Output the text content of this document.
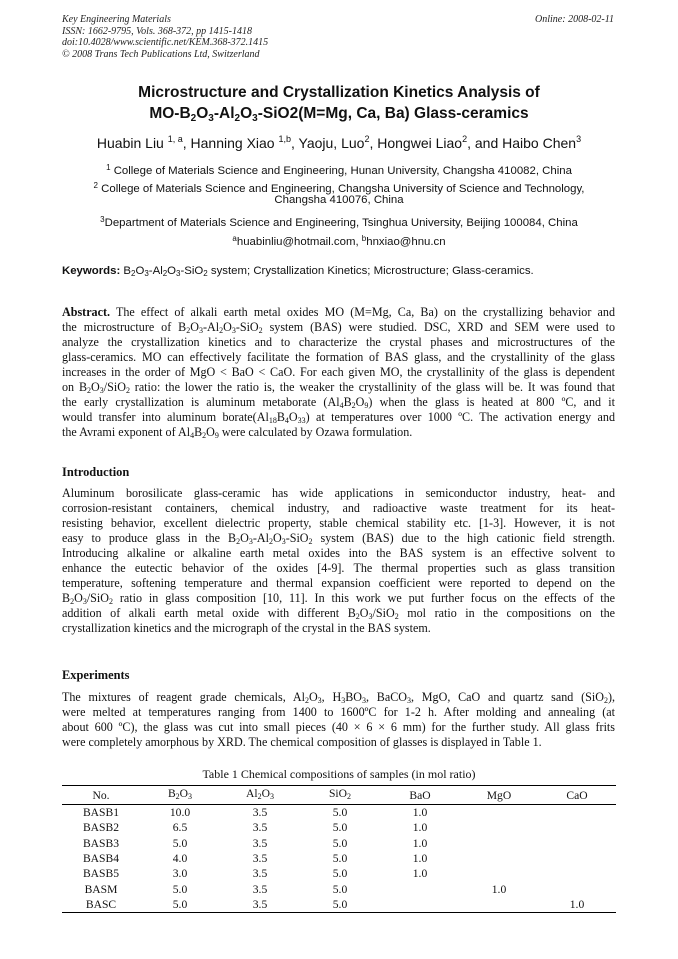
Key Engineering Materials
ISSN: 1662-9795, Vols. 368-372, pp 1415-1418
doi:10.4028/www.scientific.net/KEM.368-372.1415
© 2008 Trans Tech Publications Ltd, Switzerland
Online: 2008-02-11
Microstructure and Crystallization Kinetics Analysis of
$MO-B_2O_3-Al_2O_3-SiO2(M=Mg$, Ca, Ba) Glass-ceramics
Huabin Liu $^{1, a}$, Hanning Xiao $^{1,b}$, Yaoju, Luo$^2$, Hongwei Liao$^2$, and Haibo Chen$^3$
$^1$ College of Materials Science and Engineering, Hunan University, Changsha 410082, China
$^2$ College of Materials Science and Engineering, Changsha University of Science and Technology,
Changsha 410076, China
$^3$Department of Materials Science and Engineering, Tsinghua University, Beijing 100084, China
$^a$huabinliu@hotmail.com, $^b$hnxiao@hnu.cn
Keywords: $B_2O_3-Al_2O_3-SiO_2$ system; Crystallization Kinetics; Microstructure; Glass-ceramics.
Abstract. The effect of alkali earth metal oxides MO (M=Mg, Ca, Ba) on the crystallizing behavior and
the microstructure of $B_2O_3-Al_2O_3-SiO_2$ system (BAS) were studied. DSC, XRD and SEM were used to
analyze the crystallization kinetics and to characterize the crystal phases and microstructures of the
glass-ceramics. MO can effectively facilitate the formation of BAS glass, and the crystallinity of the glass
increases in the order of MgO < BaO < CaO. For each given MO, the crystallinity of the glass is dependent
on $B_2O_3/SiO_2$ ratio: the lower the ratio is, the weaker the crystallinity of the glass will be. It was found that
the early crystallization is aluminum metaborate $(Al_4B_2O_9)$ when the glass is heated at 800 ºC, and it
would transfer into aluminum $borate(Al_{18}B_4O_{33})$ at temperatures over 1000 ºC. The activation energy and
the Avrami exponent of $Al_4B_2O_9$ were calculated by Ozawa formulation.
Introduction
Aluminum borosilicate glass-ceramic has wide applications in semiconductor industry, heat- and
corrosion-resistant containers, chemical industry, and radioactive waste treatment for its heat-
resisting behavior, excellent dielectric property, stable chemical stability etc. [1-3]. However, it is not
easy to produce glass in the $B_2O_3-Al_2O_3-SiO_2$ system (BAS) due to the high cationic field strength.
Introducing alkaline or alkaline earth metal oxides into the BAS system is an effective solvent to
enhance the eutectic behavior of the oxides [4-9]. The thermal properties such as glass transition
temperature, softening temperature and thermal expansion coefficient were reported to depend on the
$B_2O_3/SiO_2$ ratio in glass composition [10, 11]. In this work we put further focus on the effects of the
addition of alkali earth metal oxide with different $B_2O_3/SiO_2$ mol ratio in the compositions on the
crystallization kinetics and the micrograph of the crystal in the BAS system.
Experiments
The mixtures of reagent grade chemicals, $Al_2O_3$, $H_3BO_3$, BaCO$_3$, MgO, CaO and quartz sand (SiO$_2$),
were melted at temperatures ranging from 1400 to 1600ºC for 1-2 h. After molding and annealing (at
about 600 ºC), the glass was cut into small pieces (40 × 6 × 6 mm) for the further study. All glass frits
were completely amorphous by XRD. The chemical composition of glasses is displayed in Table 1.
Table 1 Chemical compositions of samples (in mol ratio)
No.	$B_2O_3$	$Al_2O_3$	SiO$_2$	BaO	MgO	CaO
BASB1	10.0	3.5	5.0	1.0		
BASB2	6.5	3.5	5.0	1.0		
BASB3	5.0	3.5	5.0	1.0		
BASB4	4.0	3.5	5.0	1.0		
BASB5	3.0	3.5	5.0	1.0		
BASM	5.0	3.5	5.0		1.0	
BASC	5.0	3.5	5.0			1.0
